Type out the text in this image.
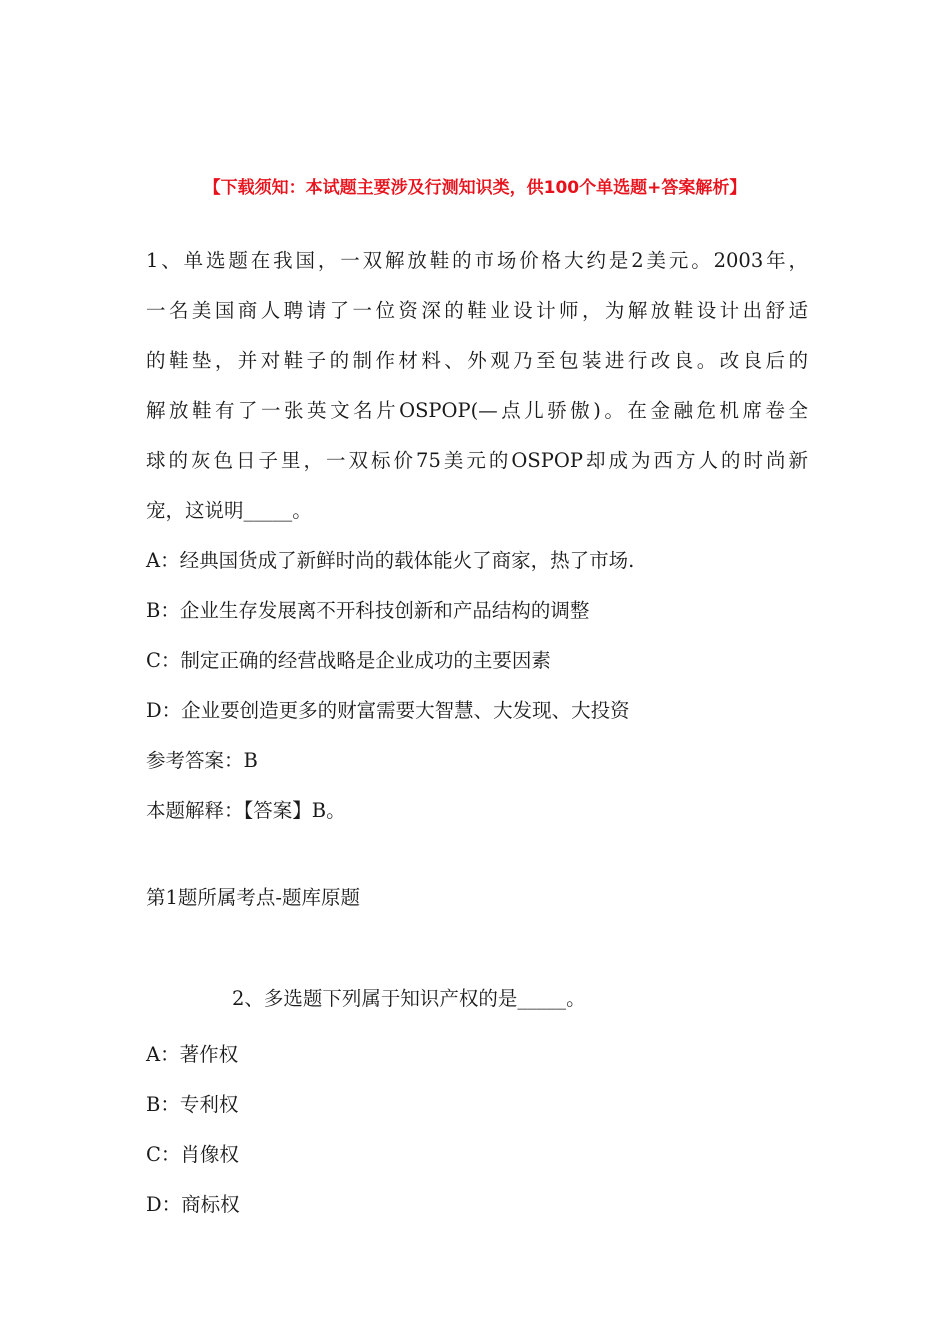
【下载须知：本试题主要涉及行测知识类，供100个单选题+答案解析】
1、单选题在我国，一双解放鞋的市场价格大约是2美元。2003年，
一名美国商人聘请了一位资深的鞋业设计师，为解放鞋设计出舒适
的鞋垫，并对鞋子的制作材料、外观乃至包装进行改良。改良后的
解放鞋有了一张英文名片OSPOP(—点儿骄傲)。在金融危机席卷全
球的灰色日子里，一双标价75美元的OSPOP却成为西方人的时尚新
宠，这说明_____。
A：经典国货成了新鲜时尚的载体能火了商家，热了市场.
B：企业生存发展离不开科技创新和产品结构的调整
C：制定正确的经营战略是企业成功的主要因素
D：企业要创造更多的财富需要大智慧、大发现、大投资
参考答案：B
本题解释：【答案】B。
第1题所属考点-题库原题
2、多选题下列属于知识产权的是_____。
A：著作权
B：专利权
C：肖像权
D：商标权
